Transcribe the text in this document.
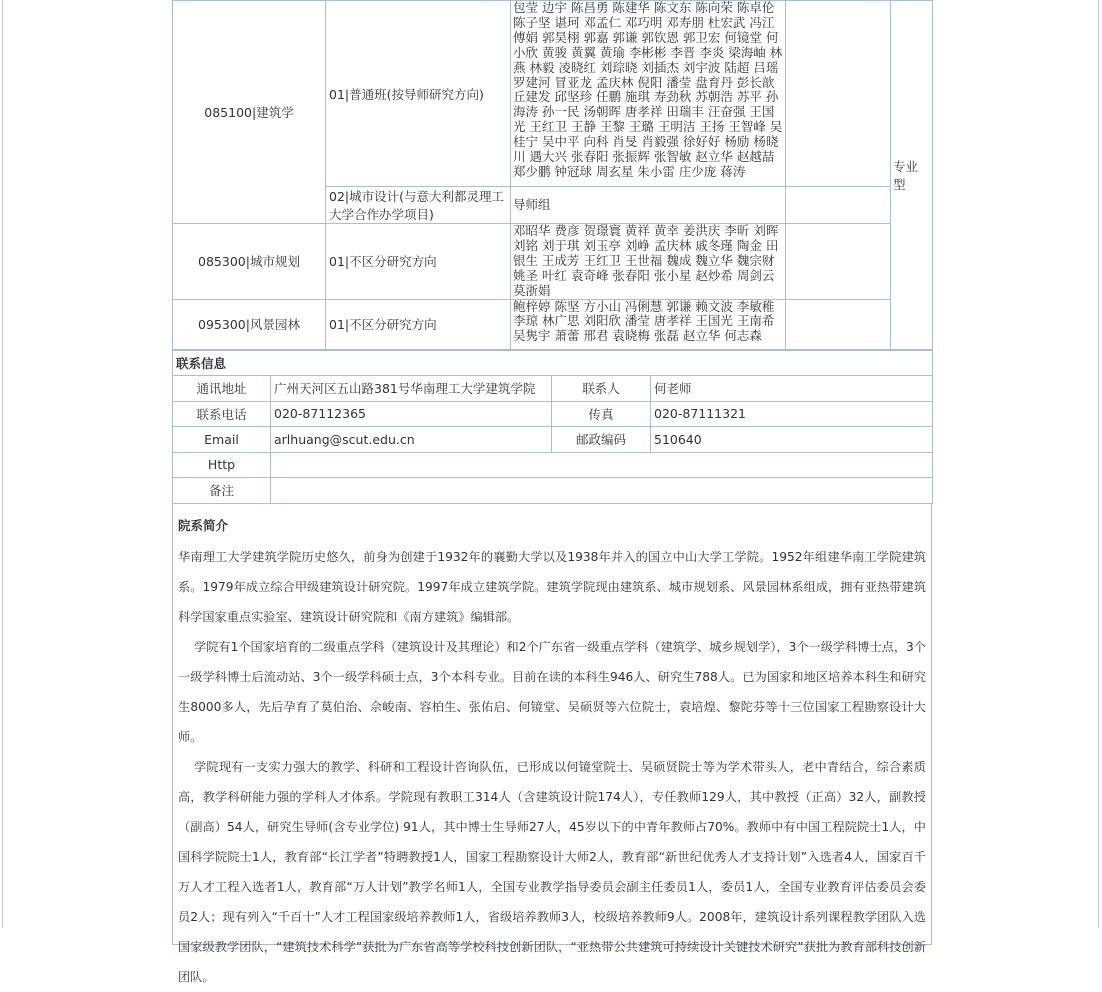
085100|建筑学	01|普通班(按导师研究方向)	包莹 边宇 陈昌勇 陈建华 陈文东 陈向荣 陈卓伦 陈子坚 谌珂 邓孟仁 邓巧明 邓寿朋 杜宏武 冯江 傅娟 郭昊栩 郭嘉 郭谦 郭钦恩 郭卫宏 何镜堂 何小欣 黄骏 黄翼 黄瑜 李彬彬 李晋 李炎 梁海岫 林燕 林毅 凌晓红 刘琮晓 刘插杰 刘宇波 陆超 吕瑶 罗建河 冒亚龙 孟庆林 倪阳 潘莹 盘育丹 彭长歆 丘建发 邱坚珍 任鹏 施琪 寿劲秋 苏朝浩 苏平 孙海涛 孙一民 汤朝晖 唐孝祥 田瑞丰 汪奋强 王国光 王红卫 王静 王黎 王璐 王明洁 王扬 王智峰 吴桂宁 吴中平 向科 肖旻 肖毅强 徐好好 杨励 杨晓川 遇大兴 张春阳 张振辉 张智敏 赵立华 赵越喆 郑少鹏 钟冠球 周玄星 朱小雷 庄少庞 蒋涛		专业型
	02|城市设计(与意大利都灵理工大学合作办学项目)	导师组		
085300|城市规划	01|不区分研究方向	邓昭华 费彦 贺璟寰 黄祥 黄幸 姜洪庆 李昕 刘晖 刘铭 刘于琪 刘玉亭 刘峥 孟庆林 戚冬瑾 陶金 田银生 王成芳 王红卫 王世福 魏成 魏立华 魏宗财 姚圣 叶红 袁奇峰 张春阳 张小星 赵炒希 周剑云 莫浙娟		
095300|风景园林	01|不区分研究方向	鲍梓婷 陈坚 方小山 冯俐慧 郭谦 赖文波 李敏稚 李琼 林广思 刘阳欣 潘莹 唐孝祥 王国光 王南希 吴隽宇 萧蕾 邢君 袁晓梅 张磊 赵立华 何志森		
联系信息			
通讯地址	广州天河区五山路381号华南理工大学建筑学院	联系人	何老师
联系电话	020-87112365	传真	020-87111321
Email	arlhuang@scut.edu.cn	邮政编码	510640
Http			
备注			
院系简介

华南理工大学建筑学院历史悠久，前身为创建于1932年的襄勤大学以及1938年并入的国立中山大学工学院。1952年组建华南工学院建筑系。1979年成立综合甲级建筑设计研究院。1997年成立建筑学院。建筑学院现由建筑系、城市规划系、风景园林系组成，拥有亚热带建筑科学国家重点实验室、建筑设计研究院和《南方建筑》编辑部。

学院有1个国家培育的二级重点学科（建筑设计及其理论）和2个广东省一级重点学科（建筑学、城乡规划学），3个一级学科博士点，3个一级学科博士后流动站、3个一级学科硕士点，3个本科专业。目前在读的本科生946人、研究生788人。已为国家和地区培养本科生和研究生8000多人，先后孕育了莫伯治、佘峻南、容柏生、张佑启、何镜堂、吴硕贤等六位院士，袁培煌、黎陀芬等十三位国家工程勘察设计大师。

学院现有一支实力强大的教学、科研和工程设计咨询队伍，已形成以何镜堂院士、吴硕贤院士等为学术带头人，老中青结合，综合素质高，教学科研能力强的学科人才体系。学院现有教职工314人（含建筑设计院174人），专任教师129人，其中教授（正高）32人，副教授（副高）54人，研究生导师(含专业学位) 91人，其中博士生导师27人，45岁以下的中青年教师占70%。教师中有中国工程院院士1人，中国科学院院士1人，教育部“长江学者”特聘教授1人，国家工程勘察设计大师2人，教育部“新世纪优秀人才支持计划”入选者4人，国家百千万人才工程入选者1人，教育部“万人计划”教学名师1人，全国专业教学指导委员会副主任委员1人，委员1人，全国专业教育评估委员会委员2人；现有列入“千百十”人才工程国家级培养教师1人，省级培养教师3人，校级培养教师9人。2008年，建筑设计系列课程教学团队入选国家级教学团队，“建筑技术科学”获批为广东省高等学校科技创新团队，“亚热带公共建筑可持续设计关键技术研究”获批为教育部科技创新团队。
